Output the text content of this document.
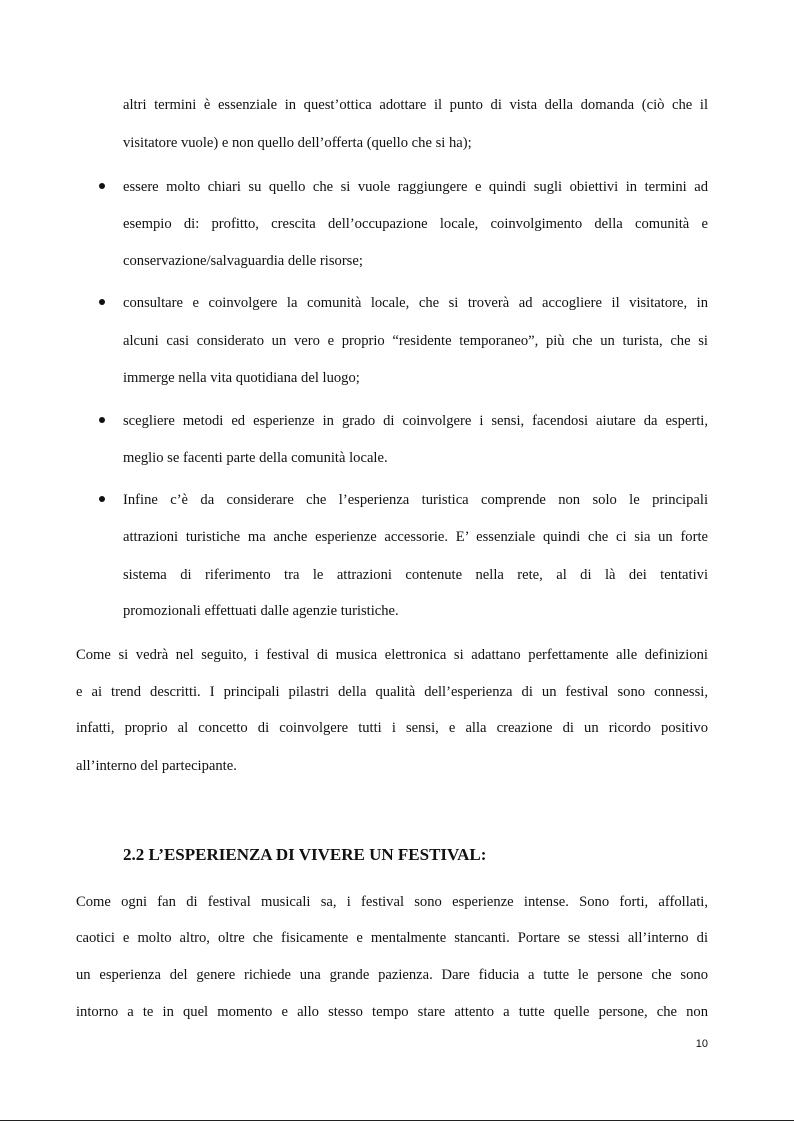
altri termini è essenziale in quest’ottica adottare il punto di vista della domanda (ciò che il
visitatore vuole) e non quello dell’offerta (quello che si ha);
essere molto chiari su quello che si vuole raggiungere e quindi sugli obiettivi in termini ad
esempio di: profitto, crescita dell’occupazione locale, coinvolgimento della comunità e
conservazione/salvaguardia delle risorse;
consultare e coinvolgere la comunità locale, che si troverà ad accogliere il visitatore, in
alcuni casi considerato un vero e proprio “residente temporaneo”, più che un turista, che si
immerge nella vita quotidiana del luogo;
scegliere metodi ed esperienze in grado di coinvolgere i sensi, facendosi aiutare da esperti,
meglio se facenti parte della comunità locale.
Infine c’è da considerare che l’esperienza turistica comprende non solo le principali
attrazioni turistiche ma anche esperienze accessorie. E’ essenziale quindi che ci sia un forte
sistema di riferimento tra le attrazioni contenute nella rete, al di là dei tentativi
promozionali effettuati dalle agenzie turistiche.
Come si vedrà nel seguito, i festival di musica elettronica si adattano perfettamente alle definizioni
e ai trend descritti. I principali pilastri della qualità dell’esperienza di un festival sono connessi,
infatti, proprio al concetto di coinvolgere tutti i sensi, e alla creazione di un ricordo positivo
all’interno del partecipante.
2.2 L’ESPERIENZA DI VIVERE UN FESTIVAL:
Come ogni fan di festival musicali sa, i festival sono esperienze intense. Sono forti, affollati,
caotici e molto altro, oltre che fisicamente e mentalmente stancanti. Portare se stessi all’interno di
un esperienza del genere richiede una grande pazienza. Dare fiducia a tutte le persone che sono
intorno a te in quel momento e allo stesso tempo stare attento a tutte quelle persone, che non
10
